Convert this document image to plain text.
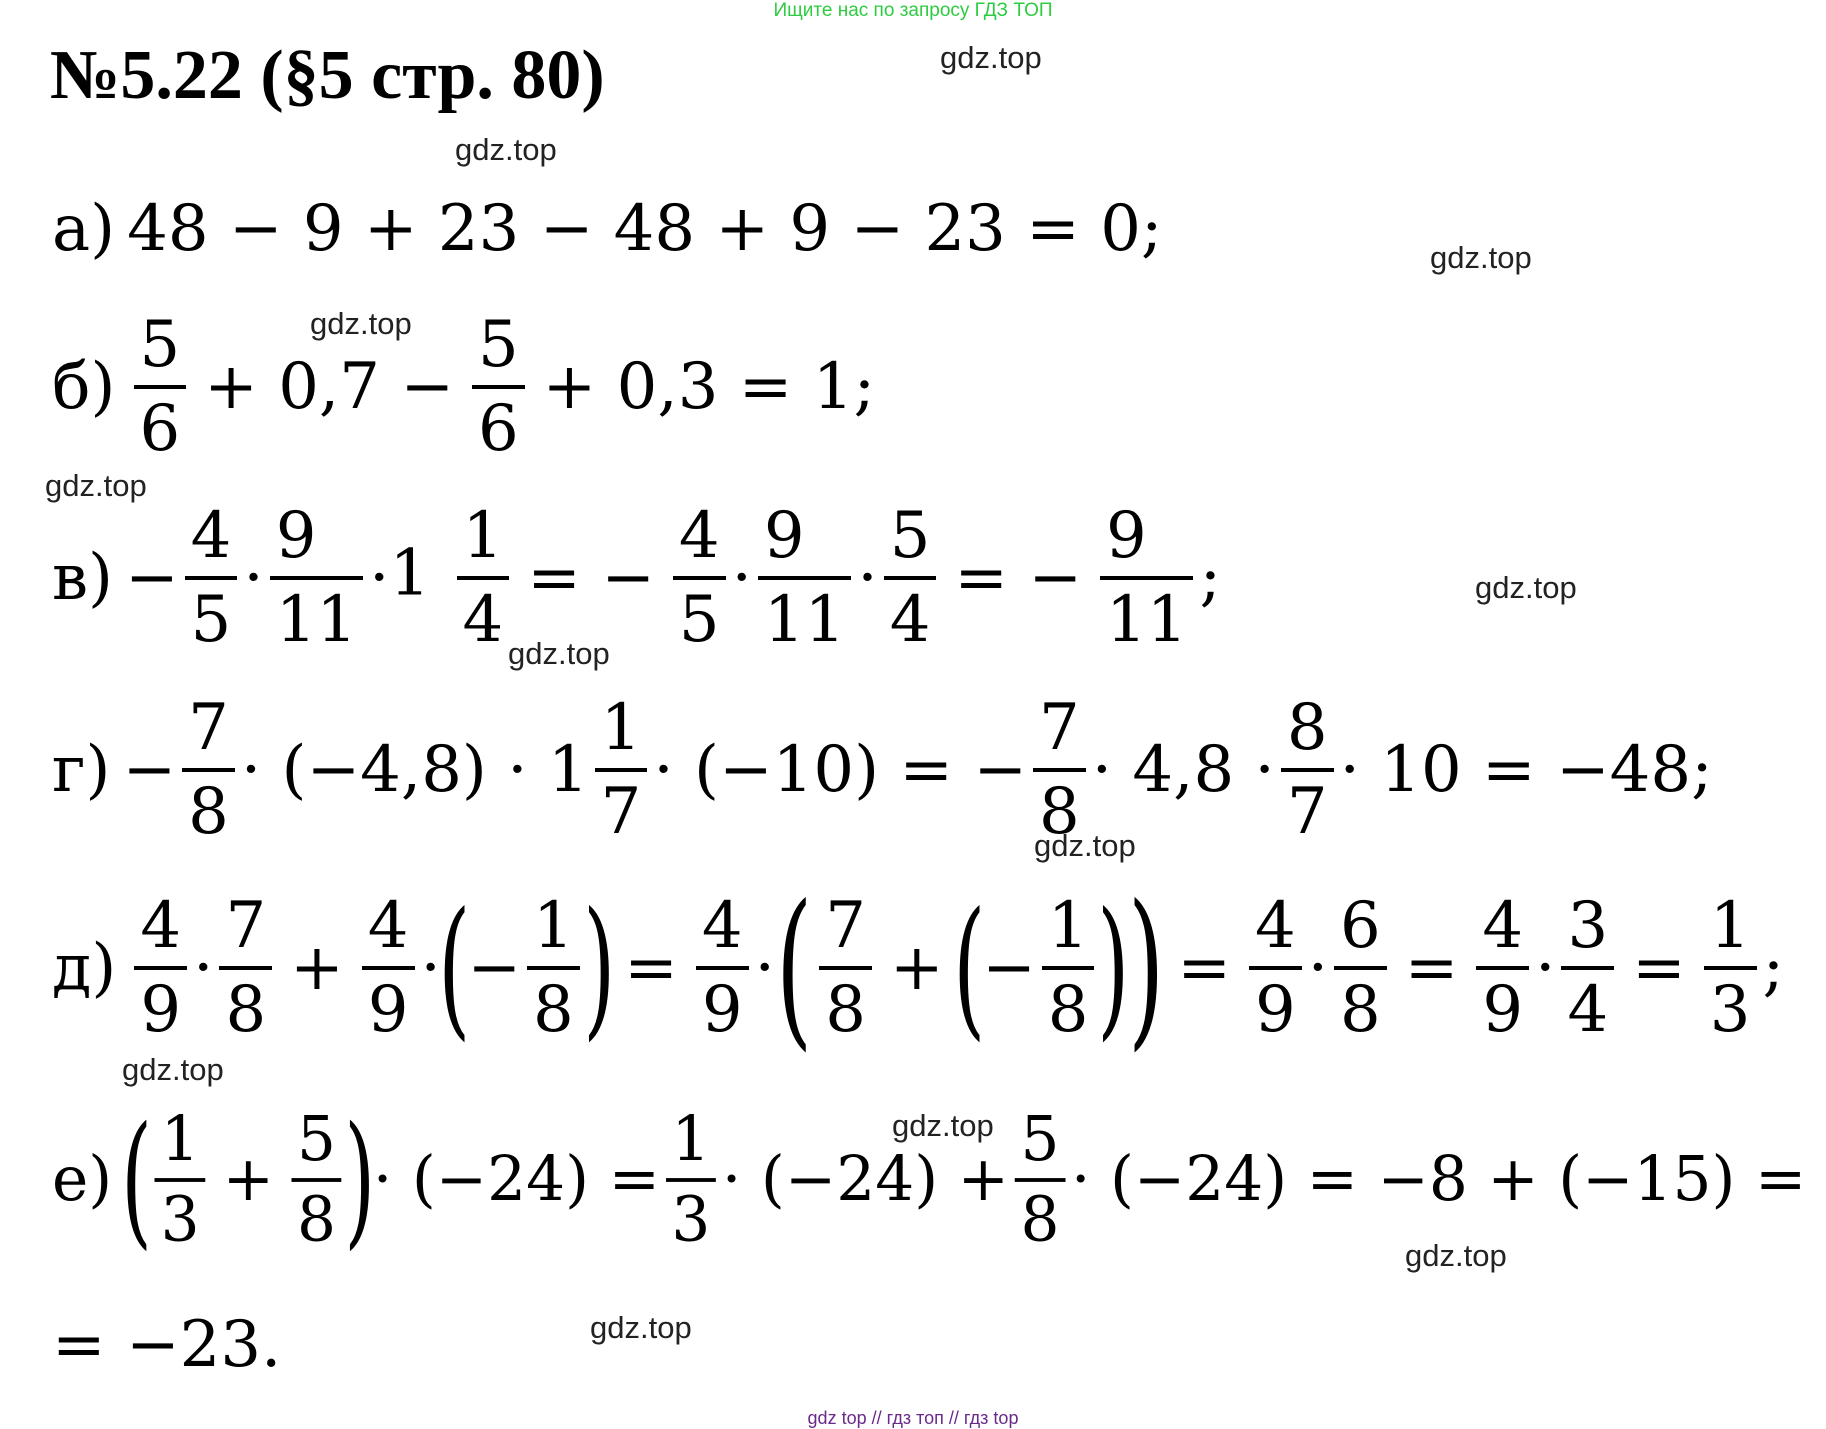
Ищите нас по запросу ГДЗ ТОП
№5.22 (§5 стр. 80)	gdz.top
gdz.top
gdz.top
gdz.top
gdz.top
gdz.top
gdz.top
gdz.top
gdz.top
gdz.top
gdz.top
gdz.top
а) 48 − 9 + 23 − 48 + 9 − 23 = 0;
$б) \frac{5}{6} + 0,7 - \frac{5}{6} + 0,3 = 1$;
$в) - \frac{4}{5} \cdot \frac{9}{11} \cdot 1 \frac{1}{4}$ = − $\frac{4}{5} \cdot \frac{9}{11} \cdot \frac{5}{4}$ = − $\frac{9}{11}$ ;
$г) - \frac{7}{8} \cdot (-4,8) \cdot 1 \frac{1}{7} \cdot (-10)$ = − $\frac{7}{8} \cdot 4,8 \cdot \frac{8}{7} \cdot 10 = -48$;
$д) \frac{4}{9} \cdot \frac{7}{8} + \frac{4}{9}$ ·
(
− $\frac{1}{8}$ ) = $\frac{4}{9}$ · ( $\frac{7}{8}$ + (
− $\frac{1}{8}$ )
) = $\frac{4}{9} \cdot \frac{6}{8} = \frac{4}{9} \cdot \frac{3}{4} = \frac{1}{3}$ ;
е) ( $\frac{1}{3} + \frac{5}{8}$ )
· $(-24) = \frac{1}{3} \cdot (-24) + \frac{5}{8} \cdot (-24) = -8 + (-15)$ =
= −23.
gdz top // гдз топ // гдз top
